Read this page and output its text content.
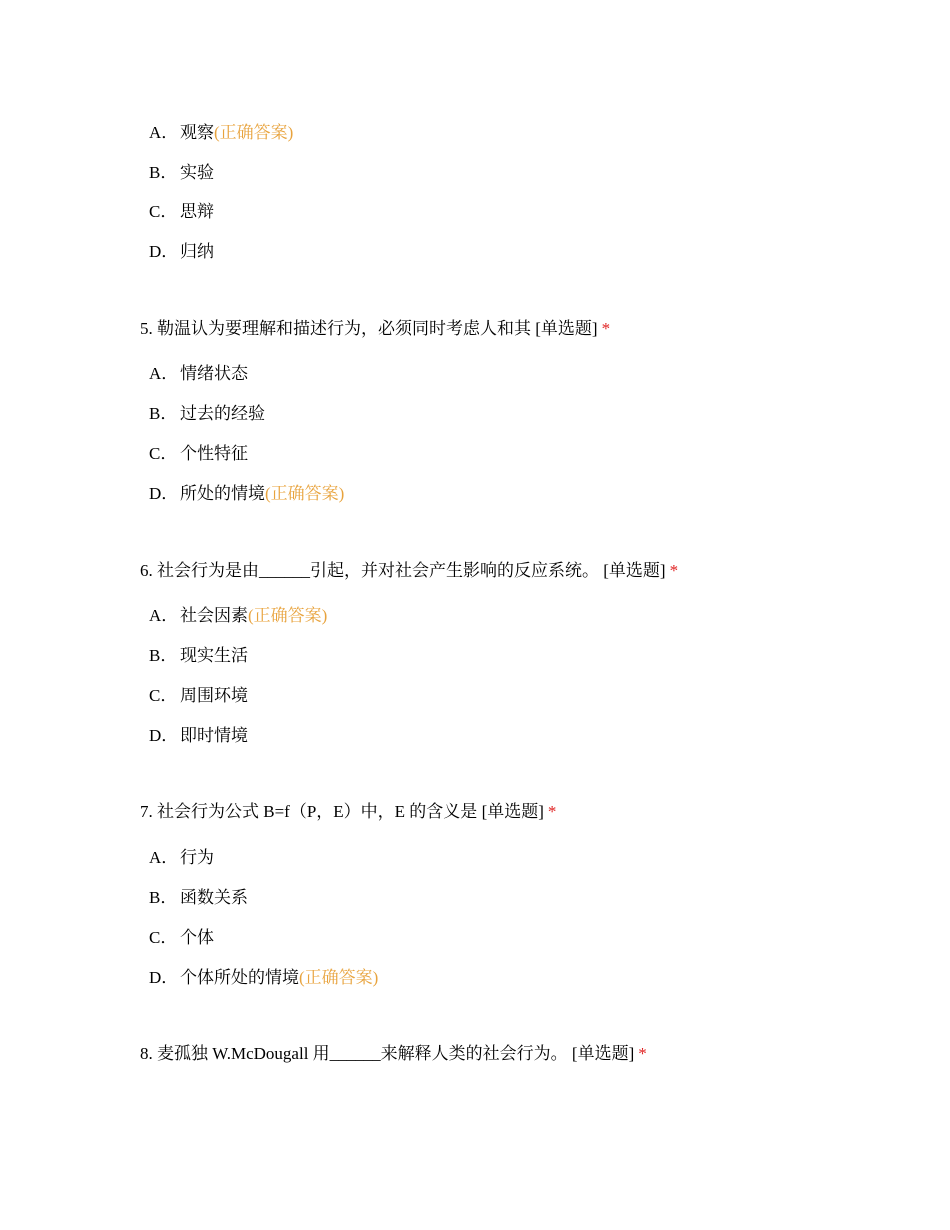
A． 观察(正确答案)
B． 实验
C． 思辩
D． 归纳
5. 勒温认为要理解和描述行为，必须同时考虑人和其 [单选题] *
A． 情绪状态
B． 过去的经验
C． 个性特征
D． 所处的情境(正确答案)
6. 社会行为是由______引起，并对社会产生影响的反应系统。 [单选题] *
A． 社会因素(正确答案)
B． 现实生活
C． 周围环境
D． 即时情境
7. 社会行为公式 B=f（P，E）中，E 的含义是 [单选题] *
A． 行为
B． 函数关系
C． 个体
D． 个体所处的情境(正确答案)
8. 麦孤独 W.McDougall 用______来解释人类的社会行为。 [单选题] *
